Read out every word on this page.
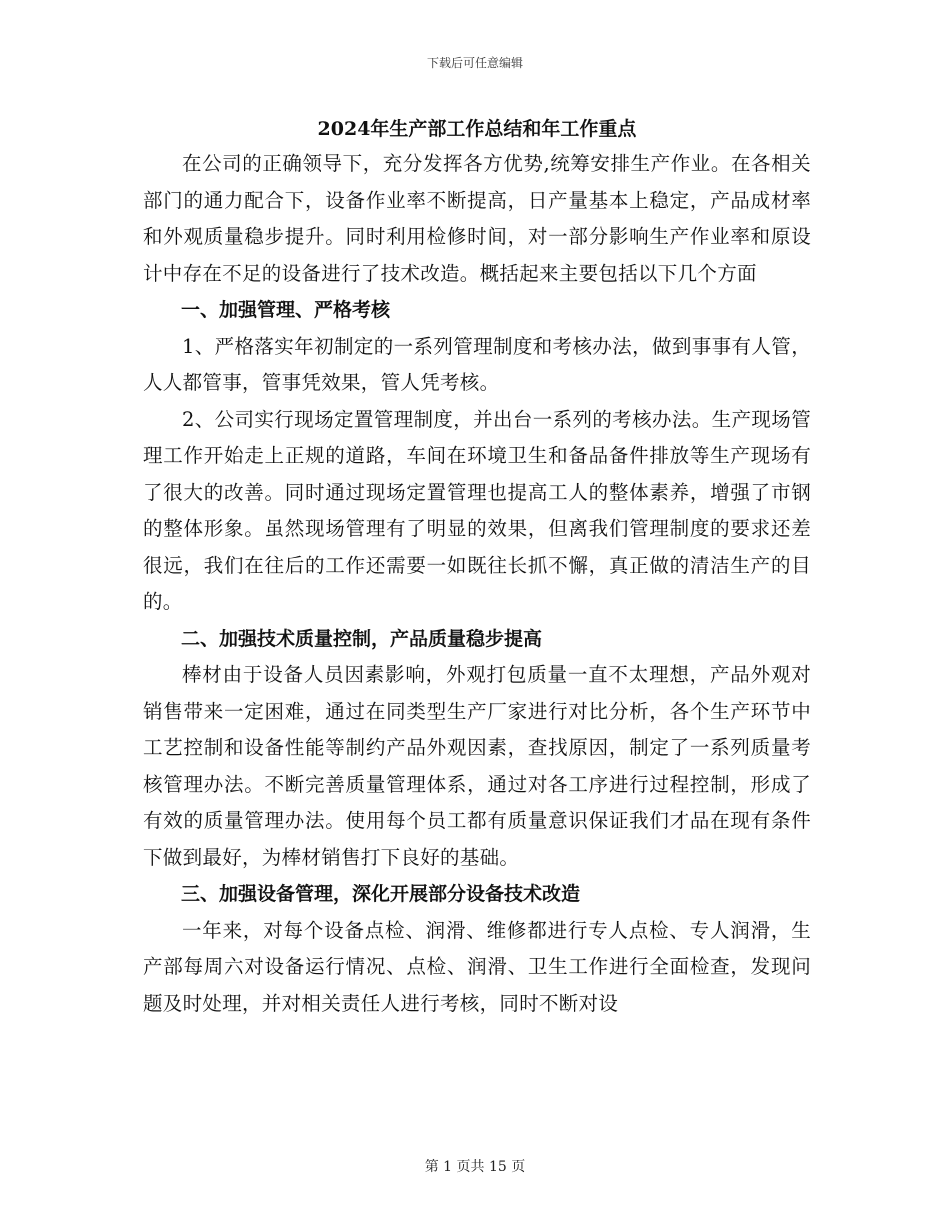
下载后可任意编辑

2024年生产部工作总结和年工作重点

在公司的正确领导下，充分发挥各方优势,统筹安排生产作业。在各相关部门的通力配合下，设备作业率不断提高，日产量基本上稳定，产品成材率和外观质量稳步提升。同时利用检修时间，对一部分影响生产作业率和原设计中存在不足的设备进行了技术改造。概括起来主要包括以下几个方面

一、加强管理、严格考核

1、严格落实年初制定的一系列管理制度和考核办法，做到事事有人管，人人都管事，管事凭效果，管人凭考核。

2、公司实行现场定置管理制度，并出台一系列的考核办法。生产现场管理工作开始走上正规的道路，车间在环境卫生和备品备件排放等生产现场有了很大的改善。同时通过现场定置管理也提高工人的整体素养，增强了市钢的整体形象。虽然现场管理有了明显的效果，但离我们管理制度的要求还差很远，我们在往后的工作还需要一如既往长抓不懈，真正做的清洁生产的目的。

二、加强技术质量控制，产品质量稳步提高

棒材由于设备人员因素影响，外观打包质量一直不太理想，产品外观对销售带来一定困难，通过在同类型生产厂家进行对比分析，各个生产环节中工艺控制和设备性能等制约产品外观因素，查找原因，制定了一系列质量考核管理办法。不断完善质量管理体系，通过对各工序进行过程控制，形成了有效的质量管理办法。使用每个员工都有质量意识保证我们才品在现有条件下做到最好，为棒材销售打下良好的基础。

三、加强设备管理，深化开展部分设备技术改造

一年来，对每个设备点检、润滑、维修都进行专人点检、专人润滑，生产部每周六对设备运行情况、点检、润滑、卫生工作进行全面检查，发现问题及时处理，并对相关责任人进行考核，同时不断对设

第 1 页共 15 页
